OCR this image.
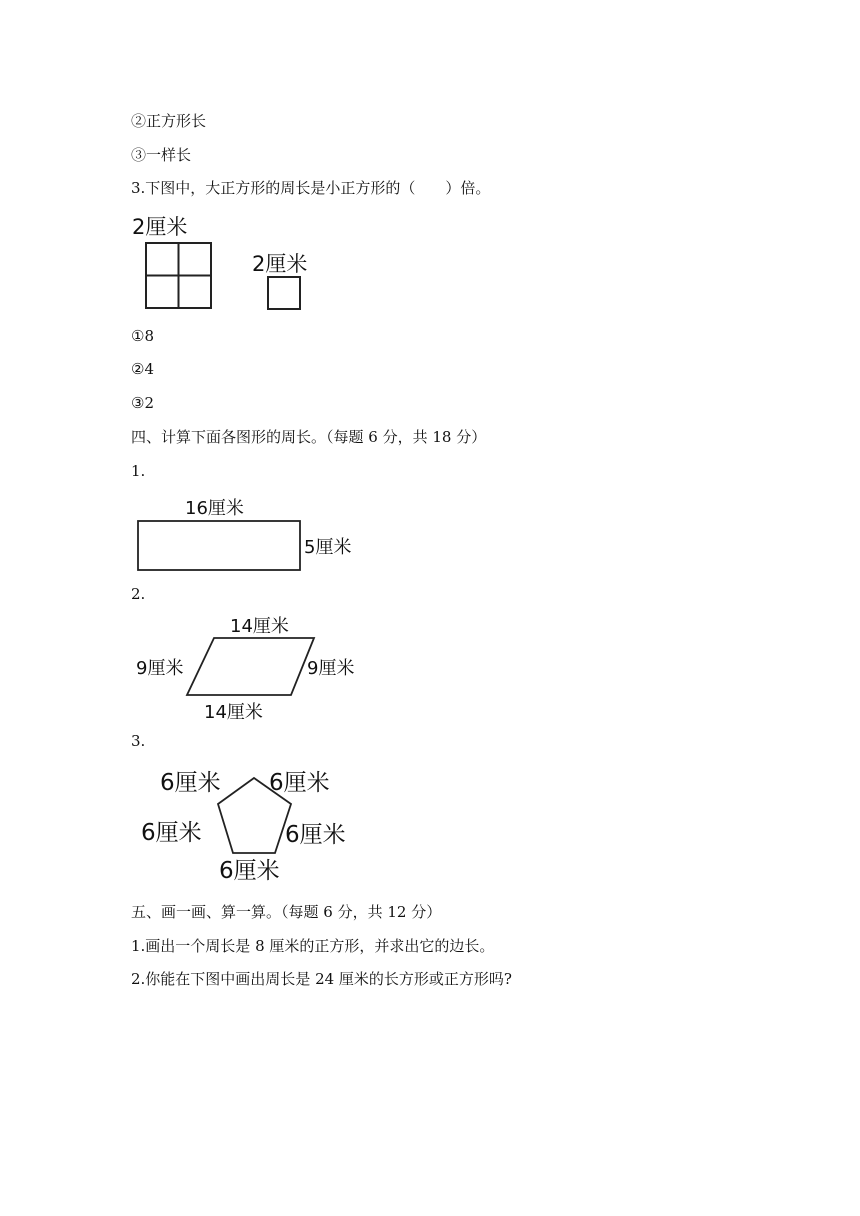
②正方形长
③一样长
3.下图中，大正方形的周长是小正方形的（　　）倍。
2厘米
2厘米
①8
②4
③2
四、计算下面各图形的周长。（每题 6 分，共 18 分）
1.
16厘米
5厘米
2.
14厘米
9厘米	9厘米
14厘米
3.
6厘米 6厘米
6厘米	6厘米
6厘米
五、画一画、算一算。（每题 6 分，共 12 分）
1.画出一个周长是 8 厘米的正方形，并求出它的边长。
2.你能在下图中画出周长是 24 厘米的长方形或正方形吗?
